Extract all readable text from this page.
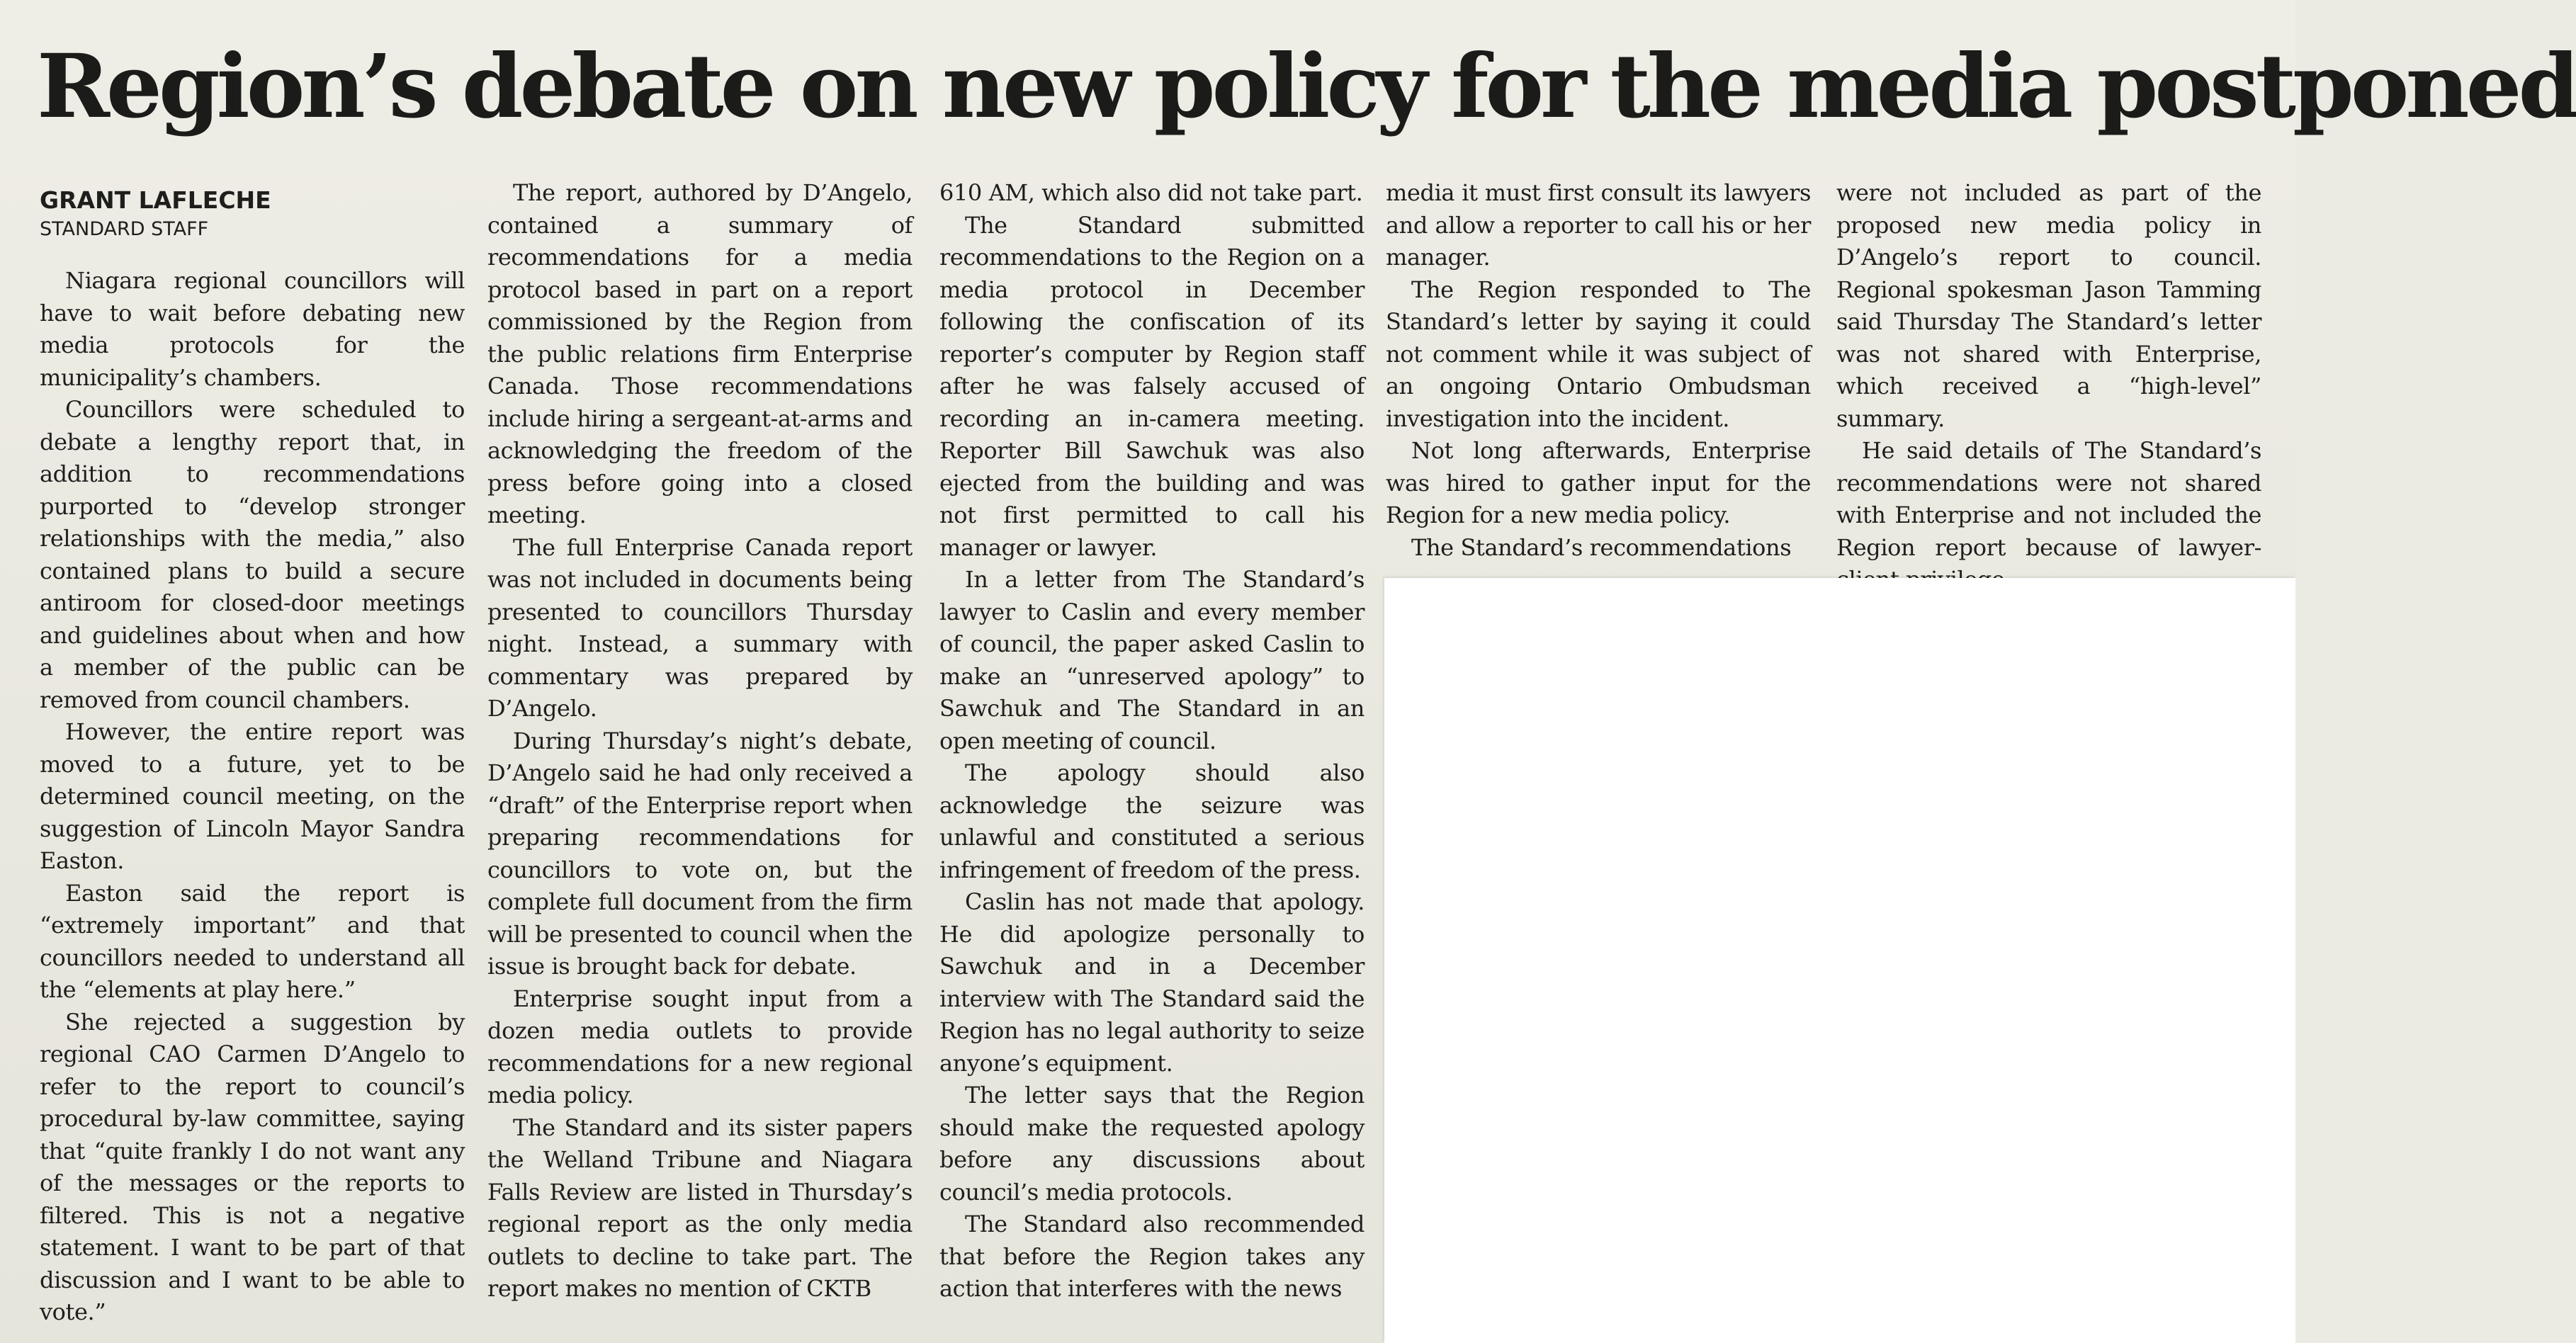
Region’s debate on new policy for the media postponed
GRANT LAFLECHE
STANDARD STAFF

Niagara regional councillors will have to wait before debating new media protocols for the municipality’s chambers.

Councillors were scheduled to debate a lengthy report that, in addition to recommendations purported to “develop stronger relationships with the media,” also contained plans to build a secure antiroom for closed-door meetings and guidelines about when and how a member of the public can be removed from council chambers.

However, the entire report was moved to a future, yet to be determined council meeting, on the suggestion of Lincoln Mayor Sandra Easton.

Easton said the report is “extremely important” and that councillors needed to understand all the “elements at play here.”

She rejected a suggestion by regional CAO Carmen D’Angelo to refer to the report to council’s procedural by-law committee, saying that “quite frankly I do not want any of the messages or the reports to filtered. This is not a negative statement. I want to be part of that discussion and I want to be able to vote.”

The report, authored by D’Angelo, contained a summary of recommendations for a media protocol based in part on a report commissioned by the Region from the public relations firm Enterprise Canada. Those recommendations include hiring a sergeant-at-arms and acknowledging the freedom of the press before going into a closed meeting.

The full Enterprise Canada report was not included in documents being presented to councillors Thursday night. Instead, a summary with commentary was prepared by D’Angelo.

During Thursday’s night’s debate, D’Angelo said he had only received a “draft” of the Enterprise report when preparing recommendations for councillors to vote on, but the complete full document from the firm will be presented to council when the issue is brought back for debate.

Enterprise sought input from a dozen media outlets to provide recommendations for a new regional media policy.

The Standard and its sister papers the Welland Tribune and Niagara Falls Review are listed in Thursday’s regional report as the only media outlets to decline to take part. The report makes no mention of CKTB

610 AM, which also did not take part.

The Standard submitted recommendations to the Region on a media protocol in December following the confiscation of its reporter’s computer by Region staff after he was falsely accused of recording an in-camera meeting. Reporter Bill Sawchuk was also ejected from the building and was not first permitted to call his manager or lawyer.

In a letter from The Standard’s lawyer to Caslin and every member of council, the paper asked Caslin to make an “unreserved apology” to Sawchuk and The Standard in an open meeting of council.

The apology should also acknowledge the seizure was unlawful and constituted a serious infringement of freedom of the press.

Caslin has not made that apology. He did apologize personally to Sawchuk and in a December interview with The Standard said the Region has no legal authority to seize anyone’s equipment.

The letter says that the Region should make the requested apology before any discussions about council’s media protocols.

The Standard also recommended that before the Region takes any action that interferes with the news

media it must first consult its lawyers and allow a reporter to call his or her manager.

The Region responded to The Standard’s letter by saying it could not comment while it was subject of an ongoing Ontario Ombudsman investigation into the incident.

Not long afterwards, Enterprise was hired to gather input for the Region for a new media policy.

The Standard’s recommendations

were not included as part of the proposed new media policy in D’Angelo’s report to council. Regional spokesman Jason Tamming said Thursday The Standard’s letter was not shared with Enterprise, which received a “high-level” summary.

He said details of The Standard’s recommendations were not shared with Enterprise and not included the Region report because of lawyer-
